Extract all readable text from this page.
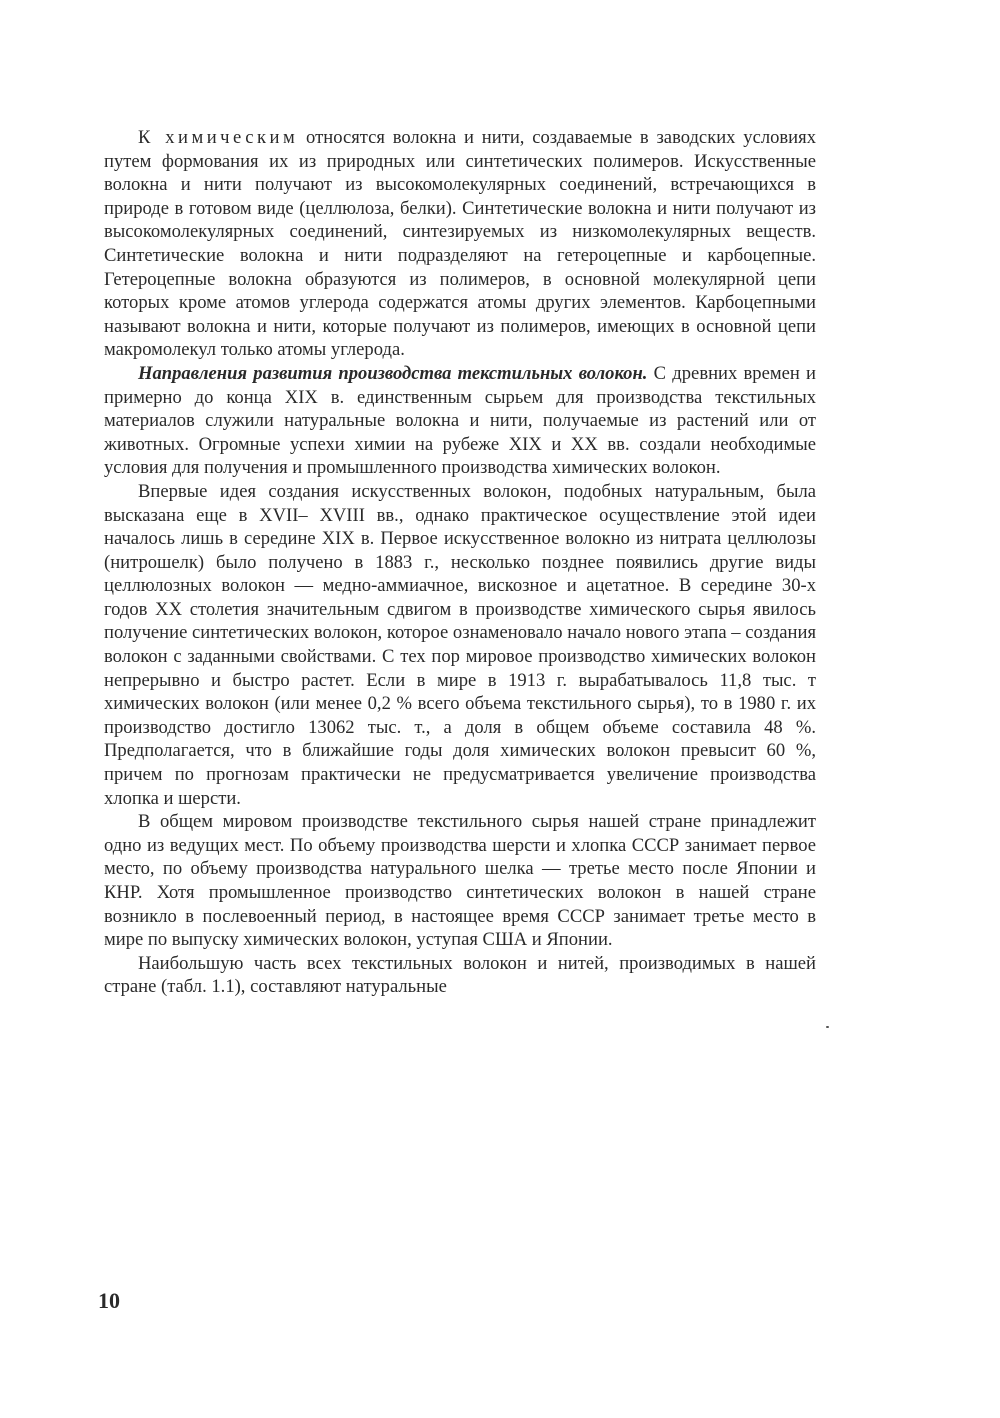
К химическим относятся волокна и нити, создаваемые в заводских условиях путем формования их из природных или синтетических полимеров. Искусственные волокна и нити получают из высокомолекулярных соединений, встречающихся в природе в готовом виде (целлюлоза, белки). Синтетические волокна и нити получают из высокомолекулярных соединений, синтезируемых из низкомолекулярных веществ. Синтетические волокна и нити подразделяют на гетероцепные и карбоцепные. Гетероцепные волокна образуются из полимеров, в основной молекулярной цепи которых кроме атомов углерода содержатся атомы других элементов. Карбоцепными называют волокна и нити, которые получают из полимеров, имеющих в основной цепи макромолекул только атомы углерода.

Направления развития производства текстильных волокон. С древних времен и примерно до конца XIX в. единственным сырьем для производства текстильных материалов служили натуральные волокна и нити, получаемые из растений или от животных. Огромные успехи химии на рубеже XIX и XX вв. создали необходимые условия для получения и промышленного производства химических волокон.

Впервые идея создания искусственных волокон, подобных натуральным, была высказана еще в XVII– XVIII вв., однако практическое осуществление этой идеи началось лишь в середине XIX в. Первое искусственное волокно из нитрата целлюлозы (нитрошелк) было получено в 1883 г., несколько позднее появились другие виды целлюлозных волокон — медно-аммиачное, вискозное и ацетатное. В середине 30-х годов XX столетия значительным сдвигом в производстве химического сырья явилось получение синтетических волокон, которое ознаменовало начало нового этапа – создания волокон с заданными свойствами. С тех пор мировое производство химических волокон непрерывно и быстро растет. Если в мире в 1913 г. вырабатывалось 11,8 тыс. т химических волокон (или менее 0,2 % всего объема текстильного сырья), то в 1980 г. их производство достигло 13062 тыс. т., а доля в общем объеме составила 48 %. Предполагается, что в ближайшие годы доля химических волокон превысит 60 %, причем по прогнозам практически не предусматривается увеличение производства хлопка и шерсти.

В общем мировом производстве текстильного сырья нашей стране принадлежит одно из ведущих мест. По объему производства шерсти и хлопка СССР занимает первое место, по объему производства натурального шелка — третье место после Японии и КНР. Хотя промышленное производство синтетических волокон в нашей стране возникло в послевоенный период, в настоящее время СССР занимает третье место в мире по выпуску химических волокон, уступая США и Японии.

Наибольшую часть всех текстильных волокон и нитей, производимых в нашей стране (табл. 1.1), составляют натуральные

10
